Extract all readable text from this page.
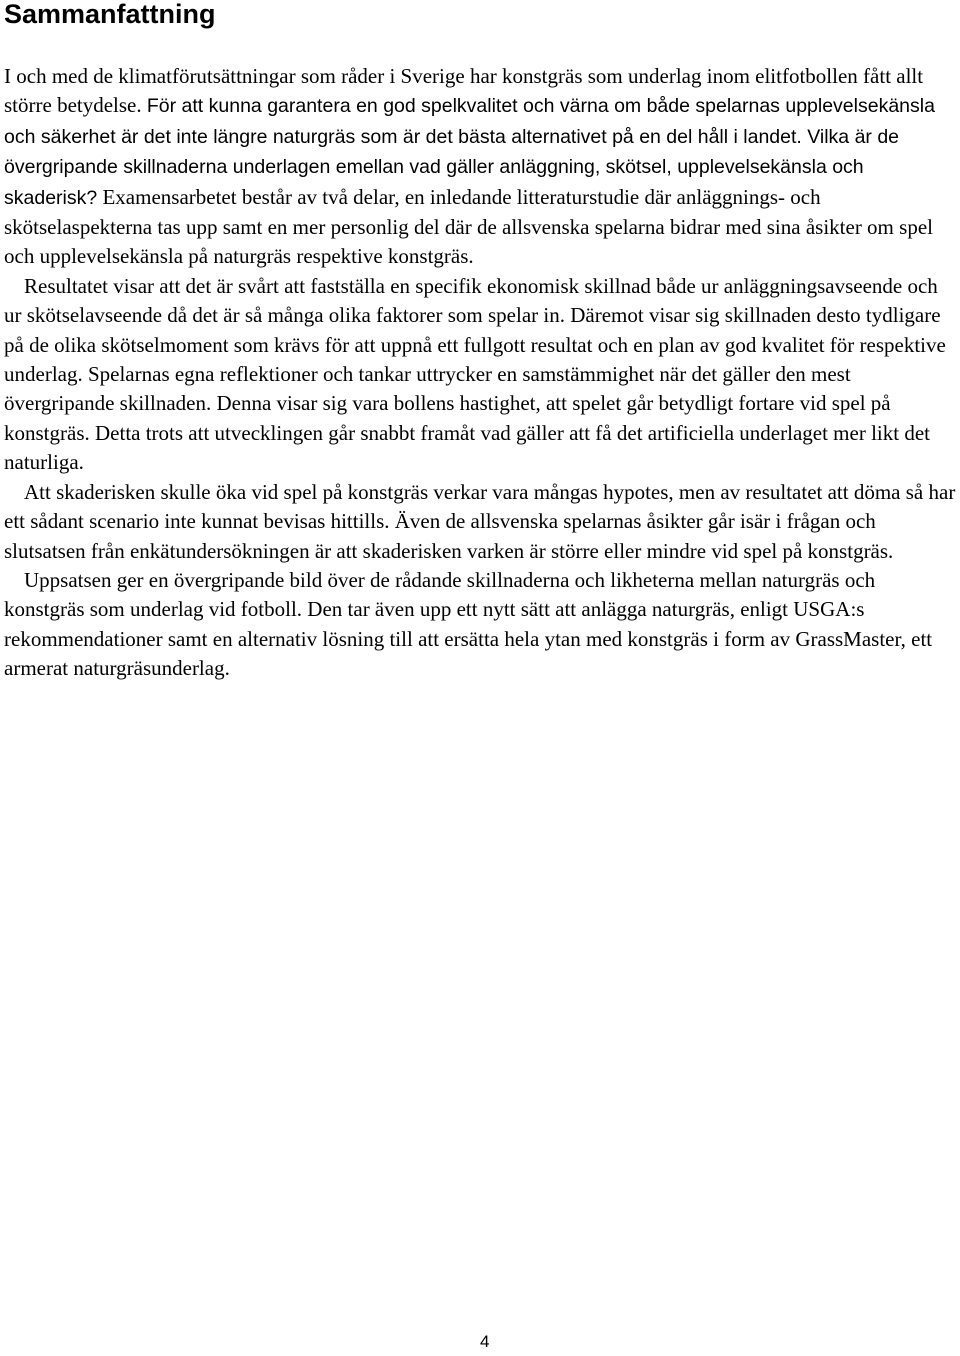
Sammanfattning

I och med de klimatförutsättningar som råder i Sverige har konstgräs som underlag inom elitfotbollen fått allt större betydelse. För att kunna garantera en god spelkvalitet och värna om både spelarnas upplevelsekänsla och säkerhet är det inte längre naturgräs som är det bästa alternativet på en del håll i landet. Vilka är de övergripande skillnaderna underlagen emellan vad gäller anläggning, skötsel, upplevelsekänsla och skaderisk? Examensarbetet består av två delar, en inledande litteraturstudie där anläggnings- och skötselaspekterna tas upp samt en mer personlig del där de allsvenska spelarna bidrar med sina åsikter om spel och upplevelsekänsla på naturgräs respektive konstgräs.

Resultatet visar att det är svårt att fastställa en specifik ekonomisk skillnad både ur anläggningsavseende och ur skötselavseende då det är så många olika faktorer som spelar in. Däremot visar sig skillnaden desto tydligare på de olika skötselmoment som krävs för att uppnå ett fullgott resultat och en plan av god kvalitet för respektive underlag. Spelarnas egna reflektioner och tankar uttrycker en samstämmighet när det gäller den mest övergripande skillnaden. Denna visar sig vara bollens hastighet, att spelet går betydligt fortare vid spel på konstgräs. Detta trots att utvecklingen går snabbt framåt vad gäller att få det artificiella underlaget mer likt det naturliga.

Att skaderisken skulle öka vid spel på konstgräs verkar vara mångas hypotes, men av resultatet att döma så har ett sådant scenario inte kunnat bevisas hittills. Även de allsvenska spelarnas åsikter går isär i frågan och slutsatsen från enkätundersökningen är att skaderisken varken är större eller mindre vid spel på konstgräs.

Uppsatsen ger en övergripande bild över de rådande skillnaderna och likheterna mellan naturgräs och konstgräs som underlag vid fotboll. Den tar även upp ett nytt sätt att anlägga naturgräs, enligt USGA:s rekommendationer samt en alternativ lösning till att ersätta hela ytan med konstgräs i form av GrassMaster, ett armerat naturgräsunderlag.

4
